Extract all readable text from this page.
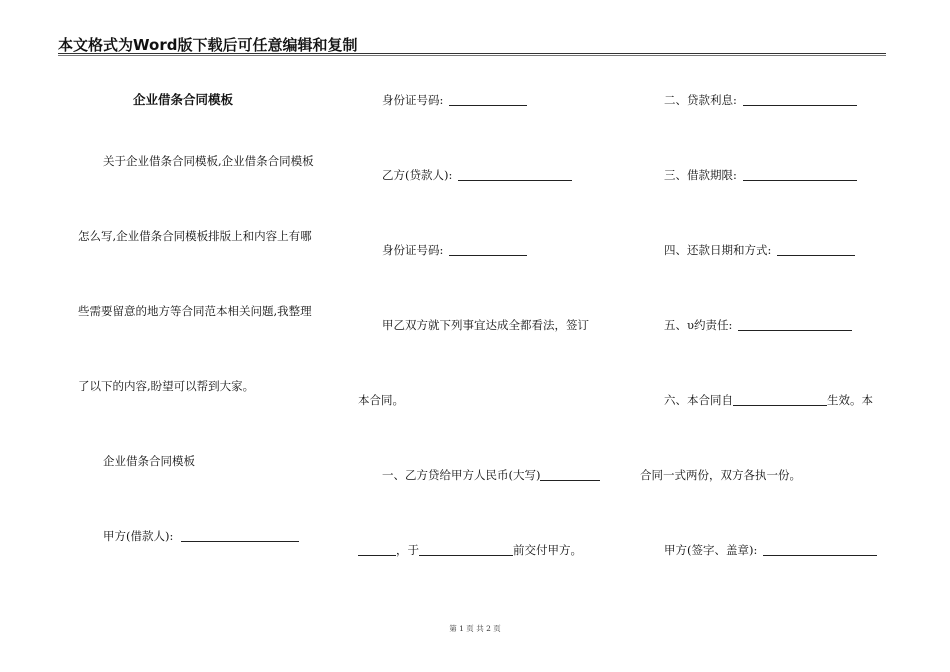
本文格式为Word版下载后可任意编辑和复制
企业借条合同模板
关于企业借条合同模板,企业借条合同模板
怎么写,企业借条合同模板排版上和内容上有哪
些需要留意的地方等合同范本相关问题,我整理
了以下的内容,盼望可以帮到大家。
企业借条合同模板
甲方(借款人):
身份证号码:
乙方(贷款人):
身份证号码:
甲乙双方就下列事宜达成全都看法，签订
本合同。
一、乙方贷给甲方人民币(大写)
，于	前交付甲方。
二、贷款利息:
三、借款期限:
四、还款日期和方式:
五、υ约责任:
六、本合同自	生效。本
合同一式两份，双方各执一份。
甲方(签字、盖章):
第 1 页 共 2 页
